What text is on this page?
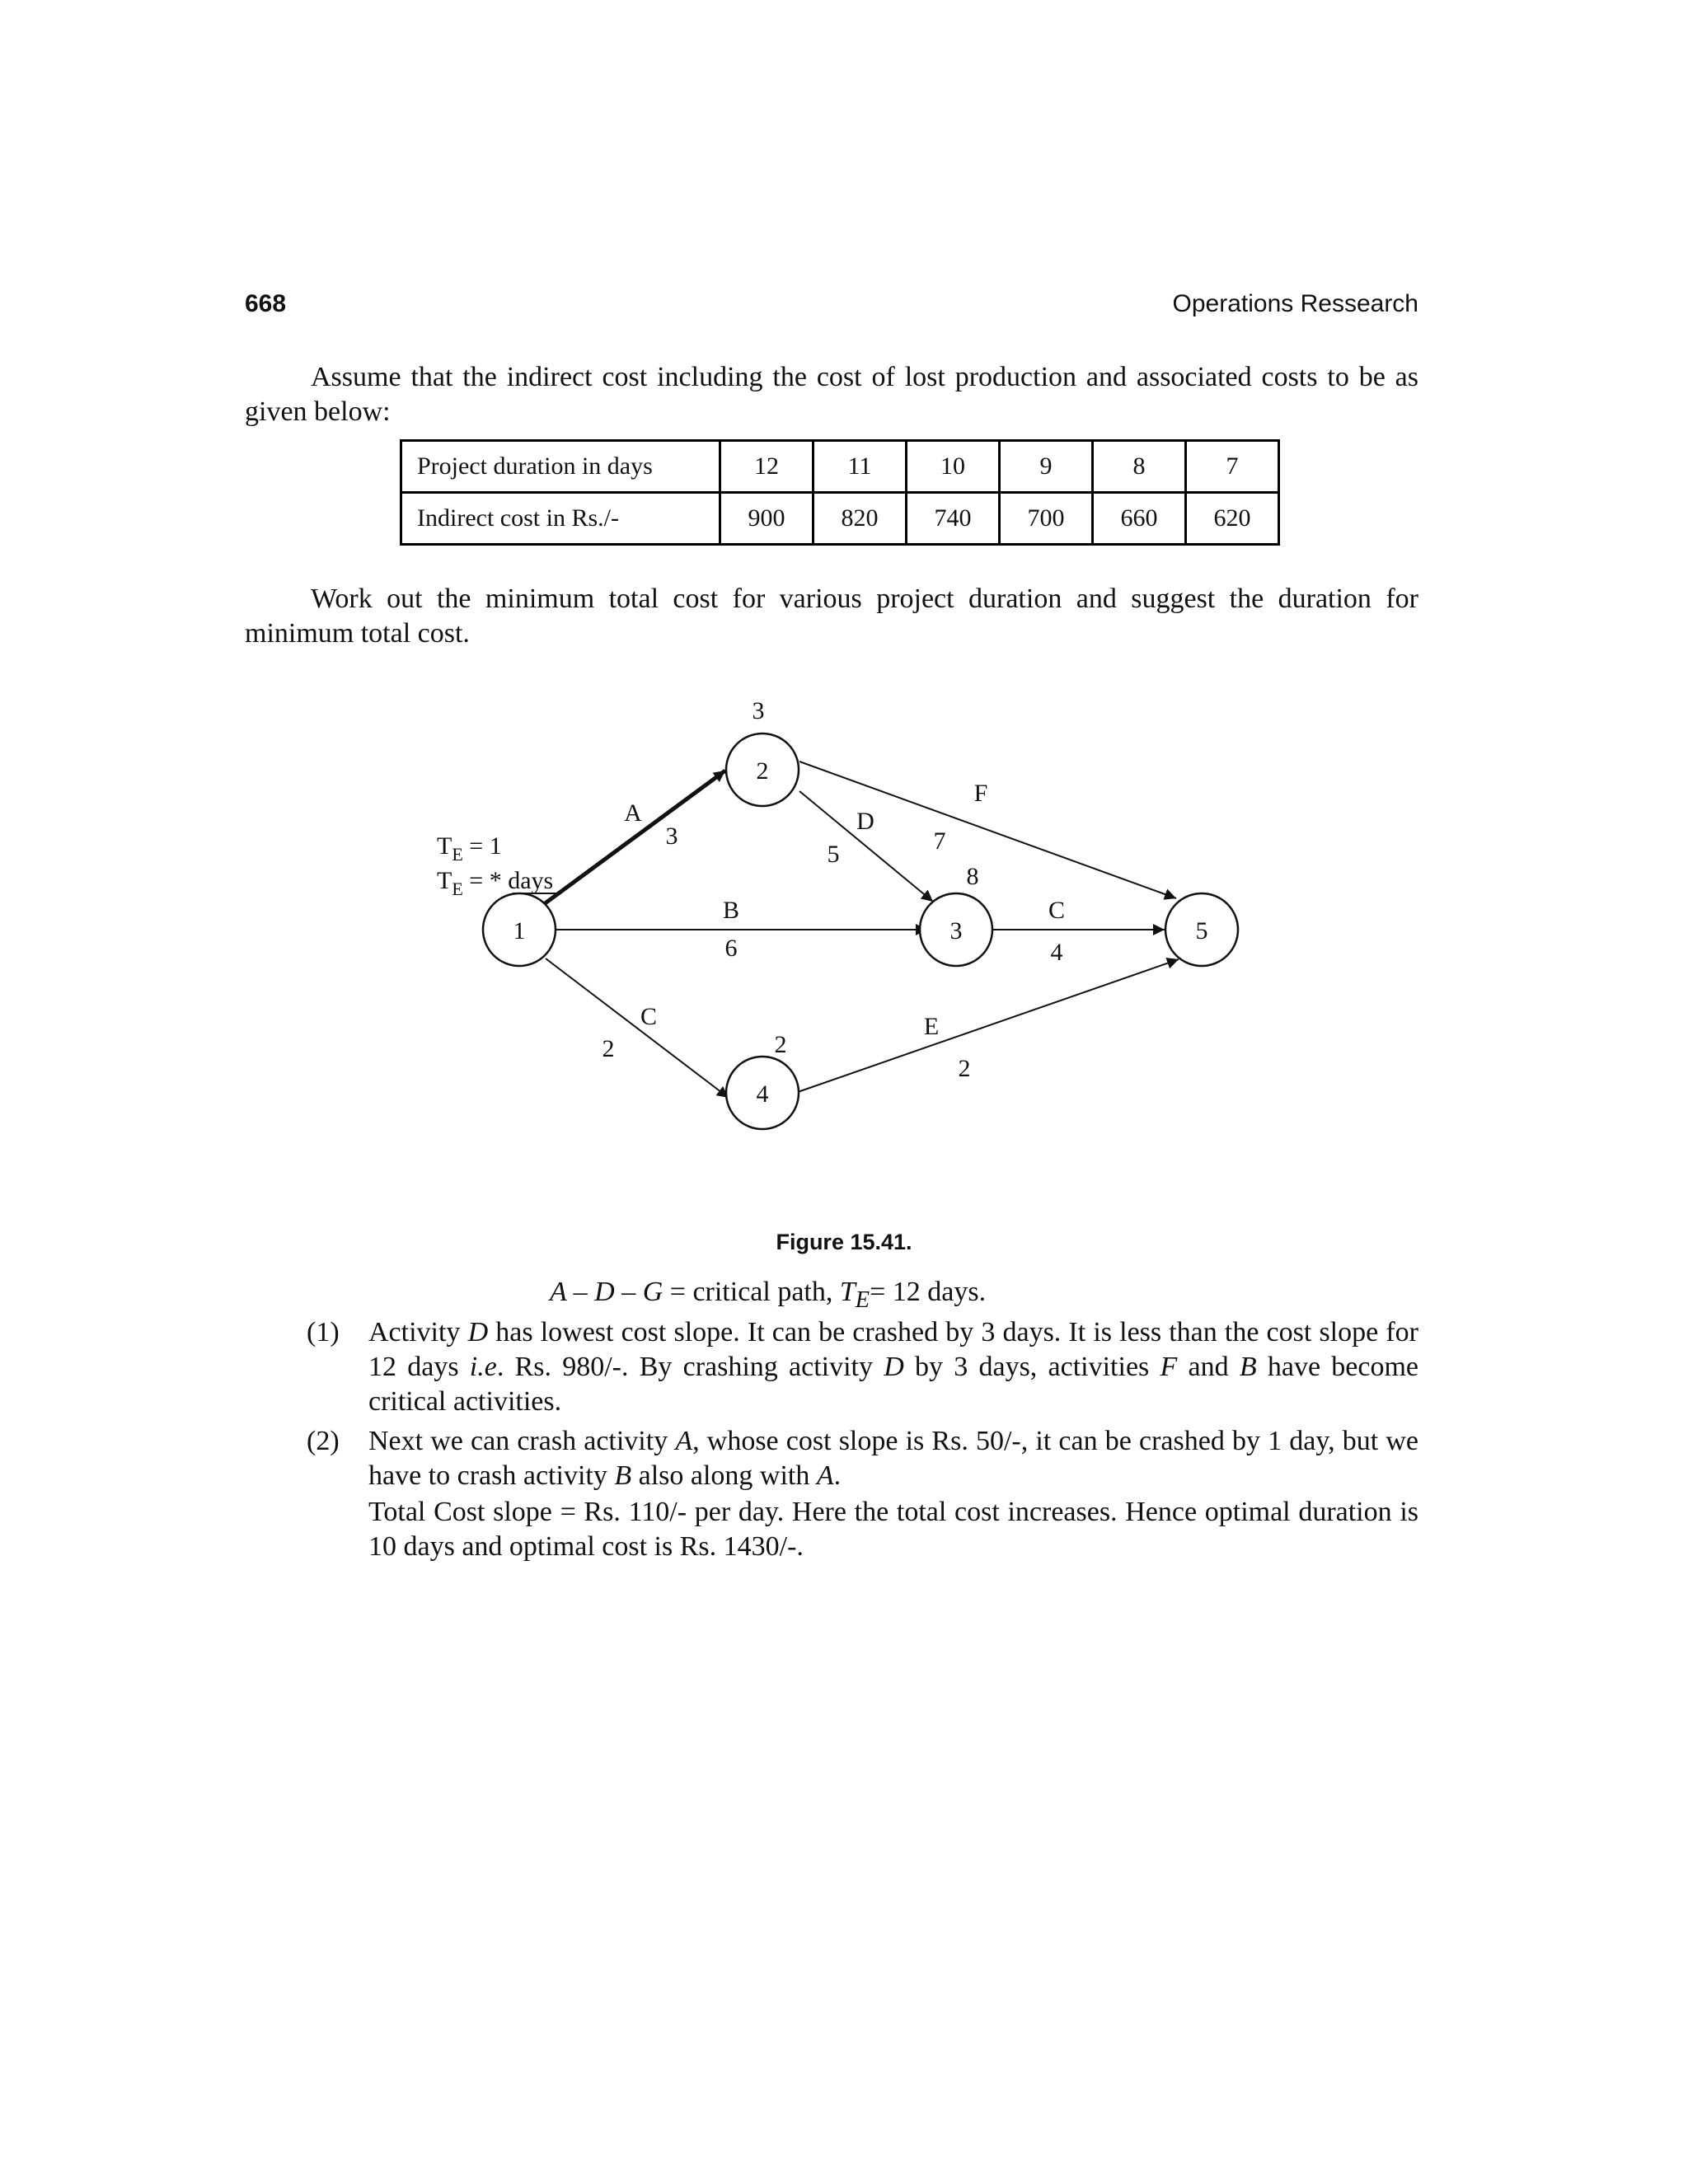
668	Operations Ressearch
Assume that the indirect cost including the cost of lost production and associated costs to be as given below:
Project duration in days	12	11	10	9	8	7
Indirect cost in Rs./-	900	820	740	700	660	620
Work out the minimum total cost for various project duration and suggest the duration for minimum total cost.
1
2
3
4
5
3
$T_E = 1$
$T_E$ = * days
A
3
B
6
C
2
D
5	7
8
F
C
4
E
2
2
Figure 15.41.
A – D – G = critical path, $T_E= 12$ days.
(1) Activity D has lowest cost slope. It can be crashed by 3 days. It is less than the cost slope for 12 days i.e. Rs. 980/-. By crashing activity D by 3 days, activities F and B have become critical activities.
(2) Next we can crash activity A, whose cost slope is Rs. 50/-, it can be crashed by 1 day, but we have to crash activity B also along with A.
Total Cost slope = Rs. 110/- per day. Here the total cost increases. Hence optimal duration is 10 days and optimal cost is Rs. 1430/-.
